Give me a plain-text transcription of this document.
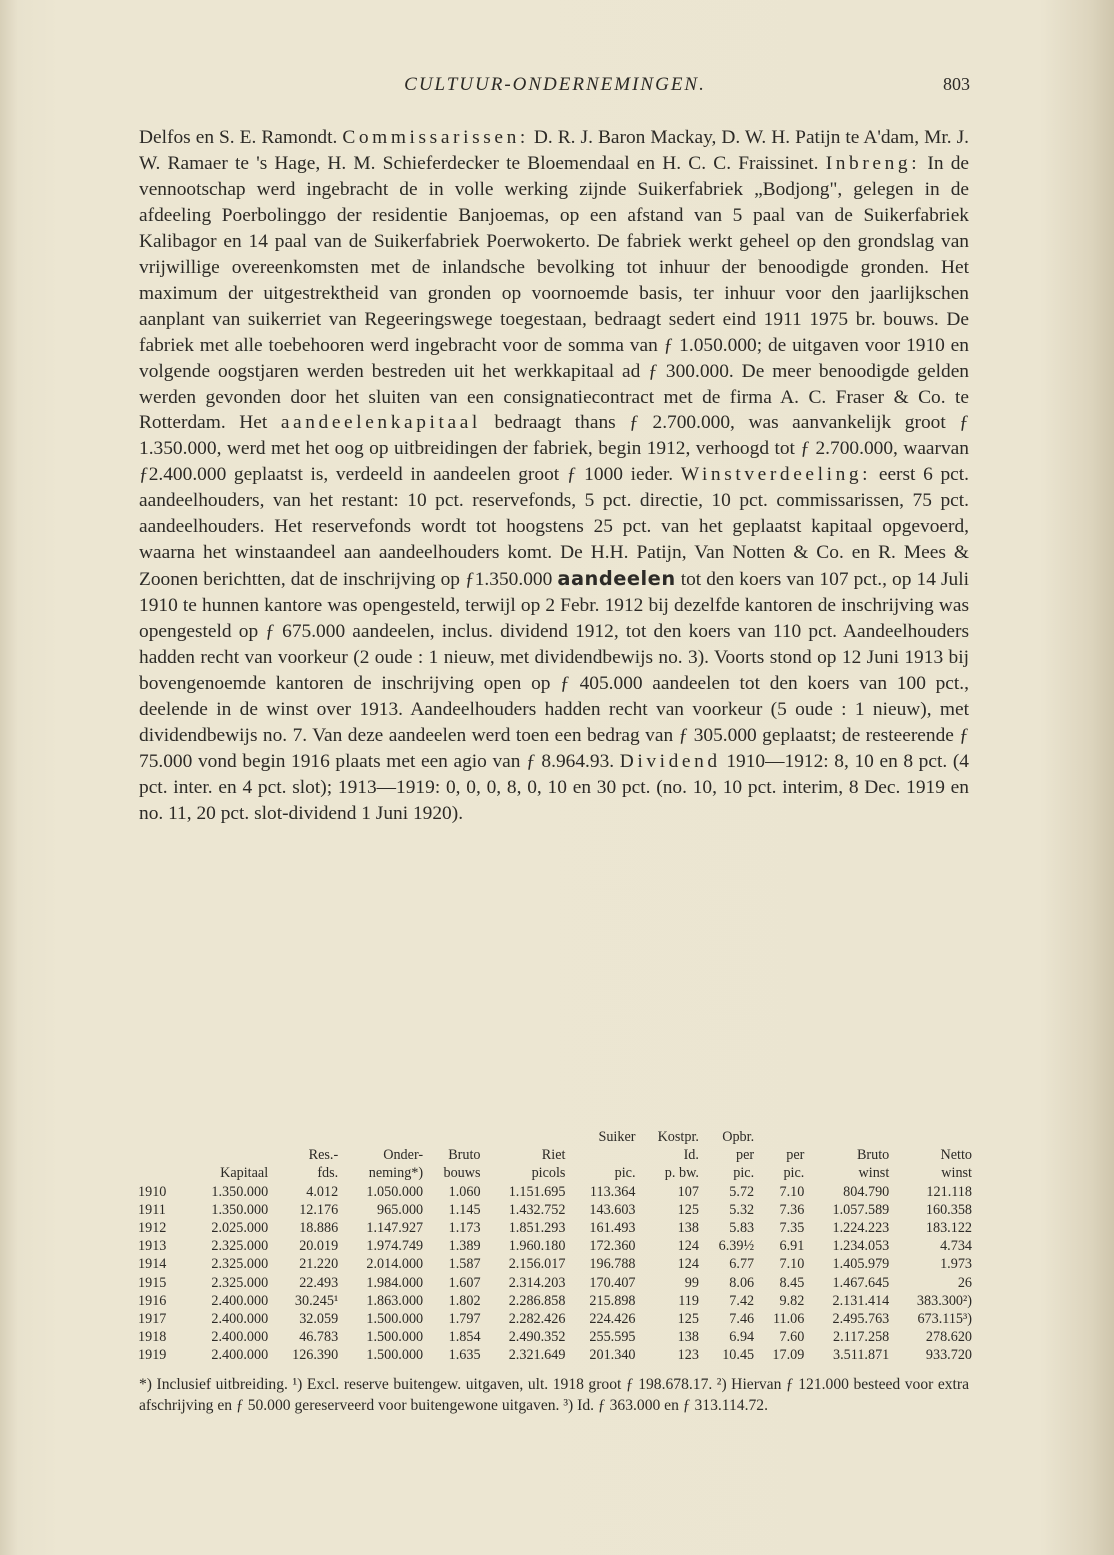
CULTUUR-ONDERNEMINGEN.	803

Delfos en S. E. Ramondt. Commissarissen: D. R. J. Baron Mackay, D. W. H. Patijn te A'dam, Mr. J. W. Ramaer te 's Hage, H. M. Schieferdecker te Bloemendaal en H. C. C. Fraissinet. Inbreng: In de vennootschap werd ingebracht de in volle werking zijnde Suikerfabriek „Bodjong", gelegen in de afdeeling Poerbolinggo der residentie Banjoemas, op een afstand van 5 paal van de Suikerfabriek Kalibagor en 14 paal van de Suikerfabriek Poerwokerto. De fabriek werkt geheel op den grondslag van vrijwillige overeenkomsten met de inlandsche bevolking tot inhuur der benoodigde gronden. Het maximum der uitgestrektheid van gronden op voornoemde basis, ter inhuur voor den jaarlijkschen aanplant van suikerriet van Regeeringswege toegestaan, bedraagt sedert eind 1911 1975 br. bouws. De fabriek met alle toebehooren werd ingebracht voor de somma van ƒ 1.050.000; de uitgaven voor 1910 en volgende oogstjaren werden bestreden uit het werkkapitaal ad ƒ 300.000. De meer benoodigde gelden werden gevonden door het sluiten van een consignatiecontract met de firma A. C. Fraser & Co. te Rotterdam. Het aandeelenkapitaal bedraagt thans ƒ 2.700.000, was aanvankelijk groot ƒ 1.350.000, werd met het oog op uitbreidingen der fabriek, begin 1912, verhoogd tot ƒ 2.700.000, waarvan ƒ2.400.000 geplaatst is, verdeeld in aandeelen groot ƒ 1000 ieder. Winstverdeeling: eerst 6 pct. aandeelhouders, van het restant: 10 pct. reservefonds, 5 pct. directie, 10 pct. commissarissen, 75 pct. aandeelhouders. Het reservefonds wordt tot hoogstens 25 pct. van het geplaatst kapitaal opgevoerd, waarna het winstaandeel aan aandeelhouders komt. De H.H. Patijn, Van Notten & Co. en R. Mees & Zoonen berichtten, dat de inschrijving op ƒ1.350.000 aandeelen tot den koers van 107 pct., op 14 Juli 1910 te hunnen kantore was opengesteld, terwijl op 2 Febr. 1912 bij dezelfde kantoren de inschrijving was opengesteld op ƒ 675.000 aandeelen, inclus. dividend 1912, tot den koers van 110 pct. Aandeelhouders hadden recht van voorkeur (2 oude : 1 nieuw, met dividendbewijs no. 3). Voorts stond op 12 Juni 1913 bij bovengenoemde kantoren de inschrijving open op ƒ 405.000 aandeelen tot den koers van 100 pct., deelende in de winst over 1913. Aandeelhouders hadden recht van voorkeur (5 oude : 1 nieuw), met dividendbewijs no. 7. Van deze aandeelen werd toen een bedrag van ƒ 305.000 geplaatst; de resteerende ƒ 75.000 vond begin 1916 plaats met een agio van ƒ 8.964.93. Dividend 1910—1912: 8, 10 en 8 pct. (4 pct. inter. en 4 pct. slot); 1913—1919: 0, 0, 0, 8, 0, 10 en 30 pct. (no. 10, 10 pct. interim, 8 Dec. 1919 en no. 11, 20 pct. slot-dividend 1 Juni 1920).

						Suiker	Kostpr.	Opbr.			
		Res.-	Onder-	Bruto	Riet		Id.	per	per	Bruto	Netto
	Kapitaal	fds.	neming*)	bouws	picols	pic.	p. bw.	pic.	pic.	winst	winst
1910	1.350.000	4.012	1.050.000	1.060	1.151.695	113.364	107	5.72	7.10	804.790	121.118
1911	1.350.000	12.176	965.000	1.145	1.432.752	143.603	125	5.32	7.36	1.057.589	160.358
1912	2.025.000	18.886	1.147.927	1.173	1.851.293	161.493	138	5.83	7.35	1.224.223	183.122
1913	2.325.000	20.019	1.974.749	1.389	1.960.180	172.360	124	6.39½	6.91	1.234.053	4.734
1914	2.325.000	21.220	2.014.000	1.587	2.156.017	196.788	124	6.77	7.10	1.405.979	1.973
1915	2.325.000	22.493	1.984.000	1.607	2.314.203	170.407	99	8.06	8.45	1.467.645	26
1916	2.400.000	30.245¹	1.863.000	1.802	2.286.858	215.898	119	7.42	9.82	2.131.414	383.300²)
1917	2.400.000	32.059	1.500.000	1.797	2.282.426	224.426	125	7.46	11.06	2.495.763	673.115³)
1918	2.400.000	46.783	1.500.000	1.854	2.490.352	255.595	138	6.94	7.60	2.117.258	278.620
1919	2.400.000	126.390	1.500.000	1.635	2.321.649	201.340	123	10.45	17.09	3.511.871	933.720

*) Inclusief uitbreiding. ¹) Excl. reserve buitengew. uitgaven, ult. 1918 groot ƒ 198.678.17. ²) Hiervan ƒ 121.000 besteed voor extra afschrijving en ƒ 50.000 gereserveerd voor buitengewone uitgaven. ³) Id. ƒ 363.000 en ƒ 313.114.72.
